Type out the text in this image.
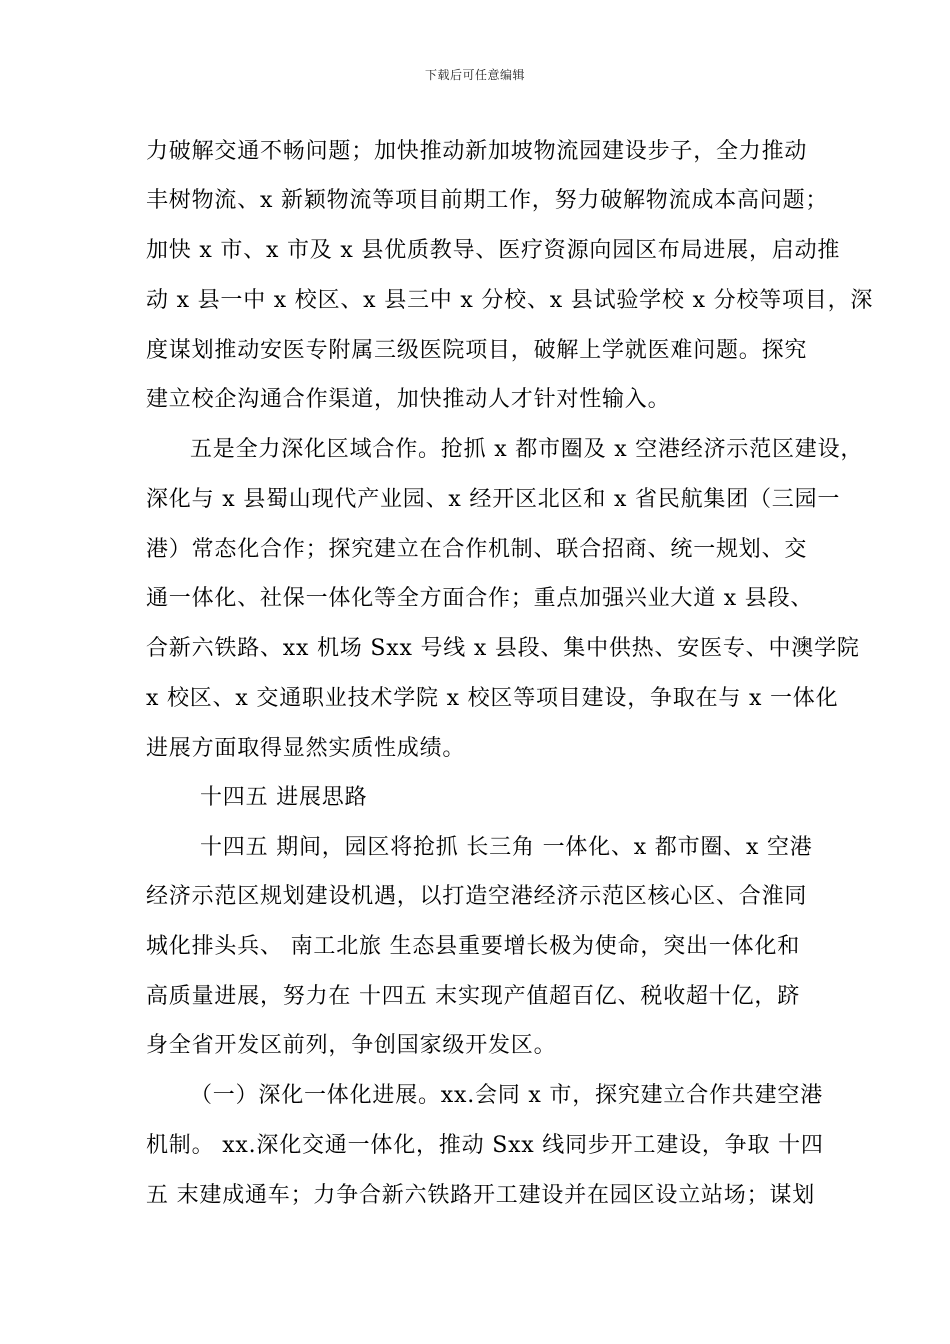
下载后可任意编辑
力破解交通不畅问题；加快推动新加坡物流园建设步子，全力推动
丰树物流、x 新颖物流等项目前期工作，努力破解物流成本高问题；
加快 x 市、x 市及 x 县优质教导、医疗资源向园区布局进展，启动推
动 x 县一中 x 校区、x 县三中 x 分校、x 县试验学校 x 分校等项目，深
度谋划推动安医专附属三级医院项目，破解上学就医难问题。探究
建立校企沟通合作渠道，加快推动人才针对性输入。
五是全力深化区域合作。抢抓 x 都市圈及 x 空港经济示范区建设，
深化与 x 县蜀山现代产业园、x 经开区北区和 x 省民航集团（三园一
港）常态化合作；探究建立在合作机制、联合招商、统一规划、交
通一体化、社保一体化等全方面合作；重点加强兴业大道 x 县段、
合新六铁路、xx 机场 Sxx 号线 x 县段、集中供热、安医专、中澳学院
x 校区、x 交通职业技术学院 x 校区等项目建设，争取在与 x 一体化
进展方面取得显然实质性成绩。
十四五 进展思路
十四五 期间，园区将抢抓 长三角 一体化、x 都市圈、x 空港
经济示范区规划建设机遇，以打造空港经济示范区核心区、合淮同
城化排头兵、 南工北旅 生态县重要增长极为使命，突出一体化和
高质量进展，努力在 十四五 末实现产值超百亿、税收超十亿，跻
身全省开发区前列，争创国家级开发区。
（一）深化一体化进展。xx.会同 x 市，探究建立合作共建空港
机制。 xx.深化交通一体化，推动 Sxx 线同步开工建设，争取 十四
五 末建成通车；力争合新六铁路开工建设并在园区设立站场；谋划
